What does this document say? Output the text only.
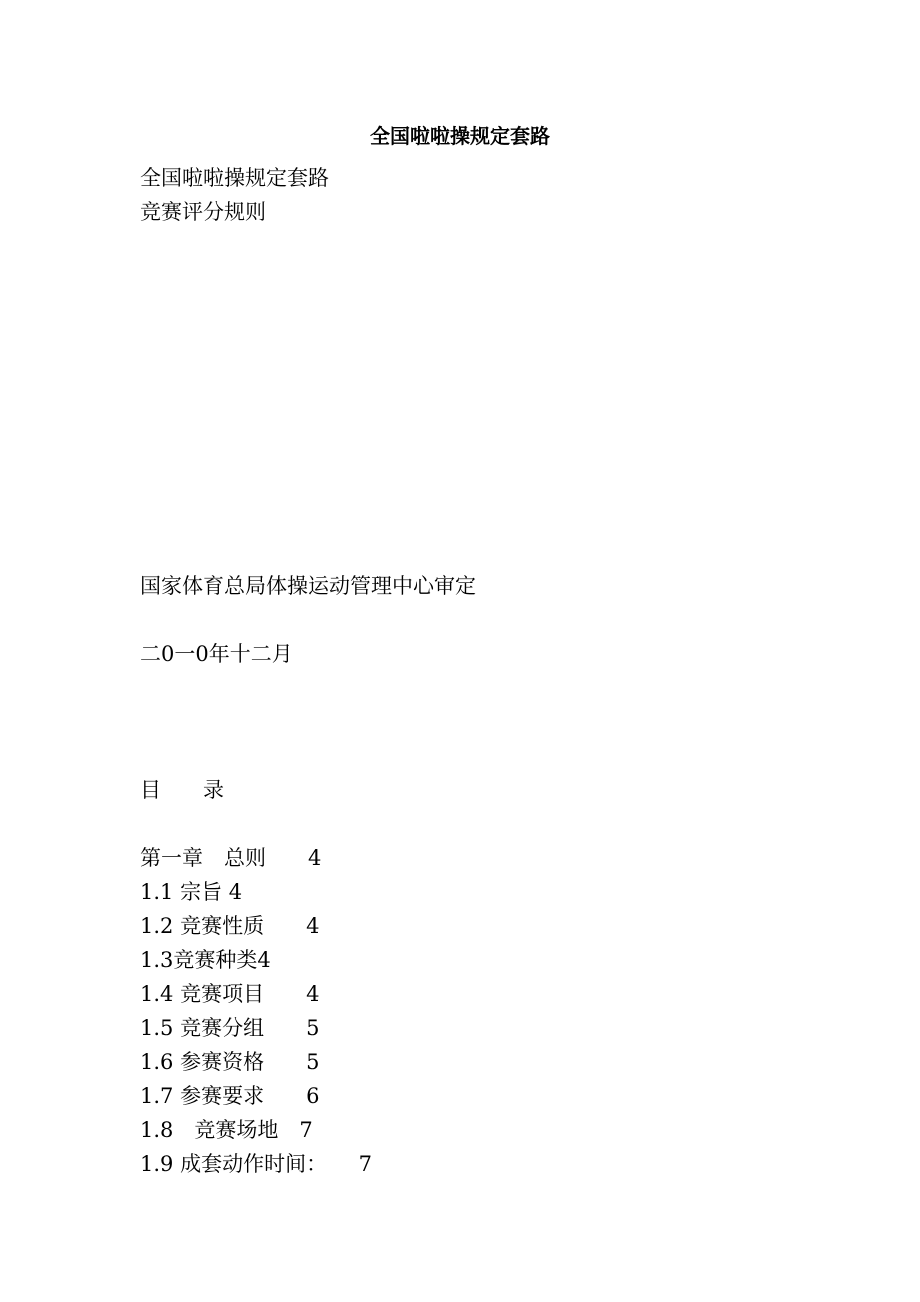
全国啦啦操规定套路
全国啦啦操规定套路
竞赛评分规则
国家体育总局体操运动管理中心审定
二0一0年十二月
目　　录
第一章　总则　　4
1.1 宗旨 4
1.2 竞赛性质　　4
1.3竞赛种类4
1.4 竞赛项目　　4
1.5 竞赛分组　　5
1.6 参赛资格　　5
1.7 参赛要求　　6
1.8　竞赛场地　7
1.9 成套动作时间：　　7
